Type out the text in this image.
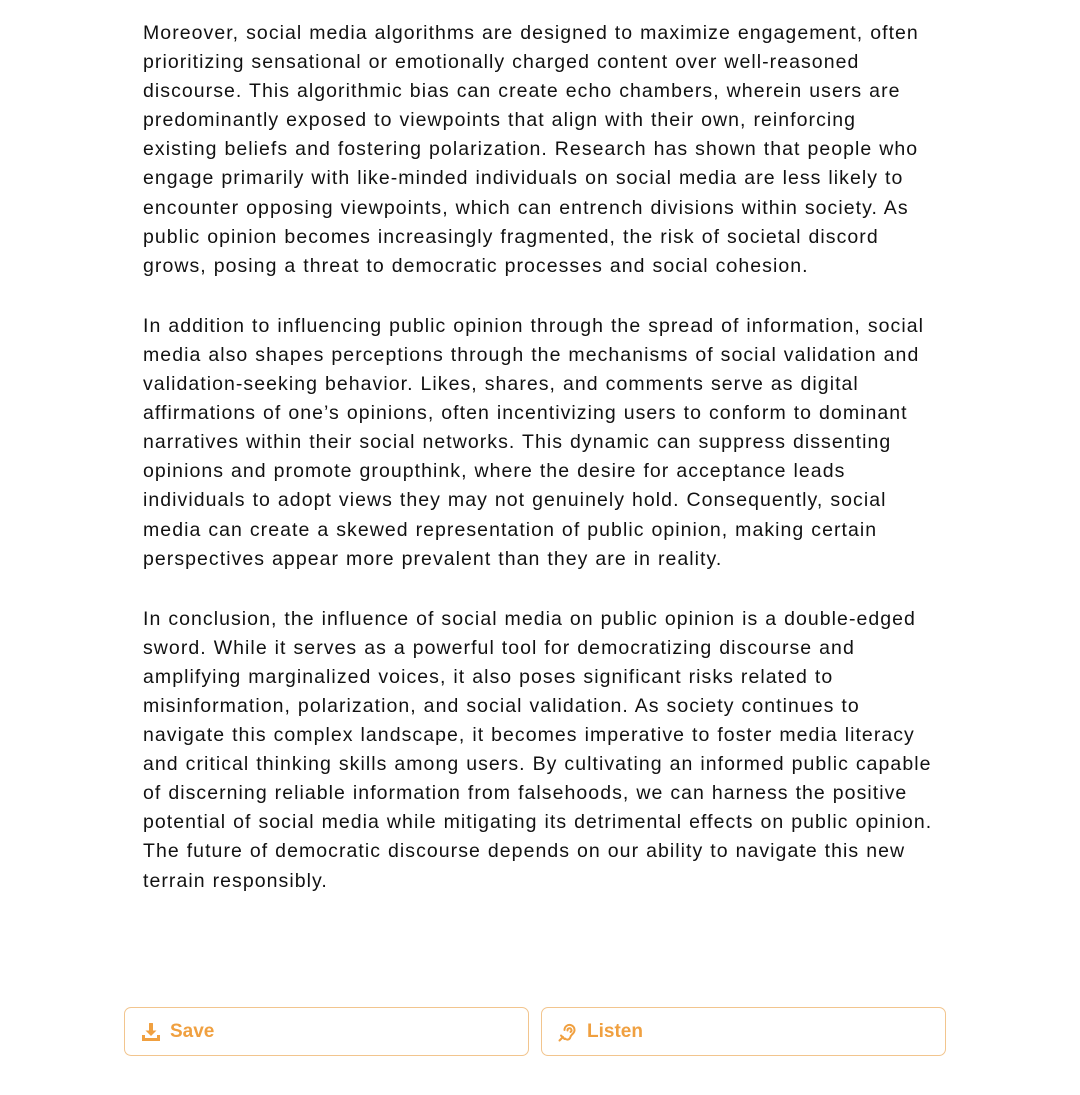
Moreover, social media algorithms are designed to maximize engagement, often prioritizing sensational or emotionally charged content over well-reasoned discourse. This algorithmic bias can create echo chambers, wherein users are predominantly exposed to viewpoints that align with their own, reinforcing existing beliefs and fostering polarization. Research has shown that people who engage primarily with like-minded individuals on social media are less likely to encounter opposing viewpoints, which can entrench divisions within society. As public opinion becomes increasingly fragmented, the risk of societal discord grows, posing a threat to democratic processes and social cohesion.

In addition to influencing public opinion through the spread of information, social media also shapes perceptions through the mechanisms of social validation and validation-seeking behavior. Likes, shares, and comments serve as digital affirmations of one’s opinions, often incentivizing users to conform to dominant narratives within their social networks. This dynamic can suppress dissenting opinions and promote groupthink, where the desire for acceptance leads individuals to adopt views they may not genuinely hold. Consequently, social media can create a skewed representation of public opinion, making certain perspectives appear more prevalent than they are in reality.

In conclusion, the influence of social media on public opinion is a double-edged sword. While it serves as a powerful tool for democratizing discourse and amplifying marginalized voices, it also poses significant risks related to misinformation, polarization, and social validation. As society continues to navigate this complex landscape, it becomes imperative to foster media literacy and critical thinking skills among users. By cultivating an informed public capable of discerning reliable information from falsehoods, we can harness the positive potential of social media while mitigating its detrimental effects on public opinion. The future of democratic discourse depends on our ability to navigate this new terrain responsibly.

Save	Listen
